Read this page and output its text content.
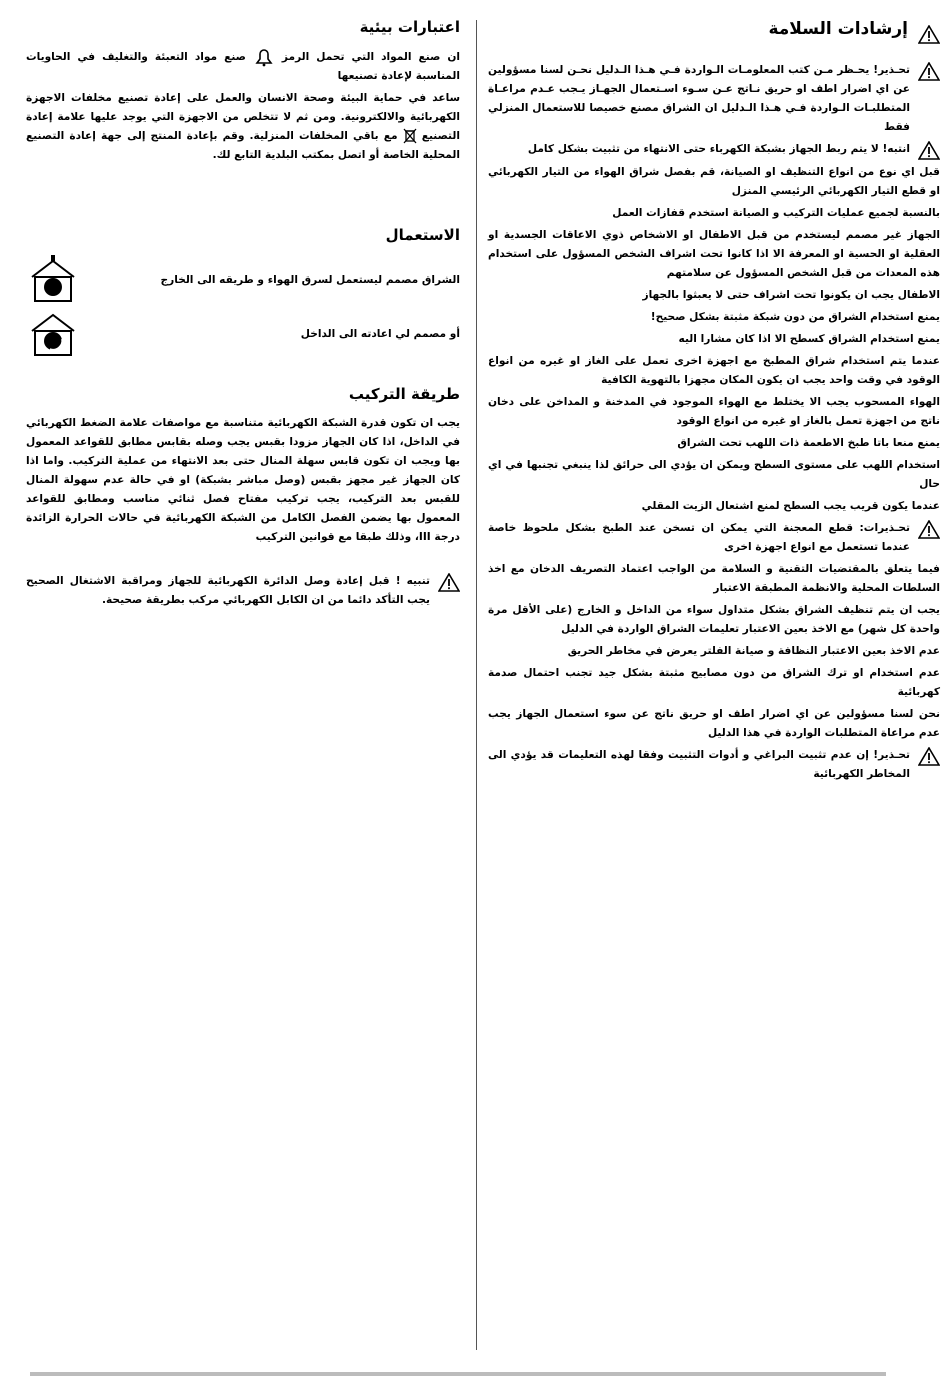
إرشادات السلامة

تحـذير! يحـظر مـن كتب المعلومـات الـواردة فـي هـذا الـدليل نحـن لسنا مسؤولين عن اي اضرار اطف او حريق نـاتج عـن سـوء اسـتعمال الجهـاز يـجب عـدم مراعـاة المتطلبـات الـواردة فـي هـذا الـدليل ان الشراق مصنع خصيصا للاستعمال المنزلي فقط

انتبه! لا يتم ربط الجهاز بشبكة الكهرباء حتى الانتهاء من تثبيت بشكل كامل

قبل اي نوع من انواع التنظيف او الصيانة، قم بفصل شراق الهواء من التيار الكهربائي او قطع التيار الكهربائي الرئيسي المنزل

بالنسبة لجميع عمليات التركيب و الصيانة استخدم قفازات العمل

الجهاز غير مصمم ليستخدم من قبل الاطفال او الاشخاص ذوي الاعاقات الجسدية او العقلية او الحسية او المعرفة الا اذا كانوا تحت اشراف الشخص المسؤول على استخدام هذه المعدات من قبل الشخص المسؤول عن سلامتهم

الاطفال يجب ان يكونوا تحت اشراف حتى لا يعبثوا بالجهاز

يمنع استخدام الشراق من دون شبكة مثبتة بشكل صحيح!

يمنع استخدام الشراق كسطح الا اذا كان مشارا اليه

عندما يتم استخدام شراق المطبخ مع اجهزة اخرى تعمل على الغاز او غيره من انواع الوقود في وقت واحد يجب ان يكون المكان مجهزا بالتهوية الكافية

الهواء المسحوب يجب الا يختلط مع الهواء الموجود في المدخنة و المداخن على دخان ناتج من اجهزة تعمل بالغاز او غيره من انواع الوقود

يمنع منعا باتا طبخ الاطعمة ذات اللهب تحت الشراق

استخدام اللهب على مستوى السطح ويمكن ان يؤدي الى حرائق لذا ينبغي تجنبها في اي حال

عندما يكون قريب يجب السطح لمنع اشتعال الزيت المقلي

تحـذيرات: قطع المعجنة التي يمكن ان تسخن عند الطبخ بشكل ملحوظ خاصة عندما تستعمل مع انواع اجهزة اخرى

فيما يتعلق بالمقتضيات التقنية و السلامة من الواجب اعتماد التصريف الدخان مع اخذ السلطات المحلية والانظمة المطبقة الاعتبار

يجب ان يتم تنظيف الشراق بشكل متداول سواء من الداخل و الخارج (على الأقل مرة واحدة كل شهر) مع الاخذ بعين الاعتبار تعليمات الشراق الواردة في الدليل

عدم الاخذ بعين الاعتبار النظافة و صيانة الفلتر يعرض في مخاطر الحريق

عدم استخدام او ترك الشراق من دون مصابيح مثبتة بشكل جيد تجنب احتمال صدمة كهربائية

نحن لسنا مسؤولين عن اي اضرار اطف او حريق ناتج عن سوء استعمال الجهاز يجب عدم مراعاة المتطلبات الواردة في هذا الدليل

تحـذير! إن عدم تثبيت البراغي و أدوات التثبيت وفقا لهذه التعليمات قد يؤدي الى المخاطر الكهربائية

اعتبارات بيئية

ان صنع المواد التي تحمل الرمز  صنع مواد التعبئة والتغليف في الحاويات المناسبة لإعادة تصنيعها

ساعد في حماية البيئة وصحة الانسان والعمل على إعادة تصنيع مخلفات الاجهزة الكهربائية والالكترونية. ومن ثم لا تتخلص من الاجهزة التي يوجد عليها علامة إعادة التصنيع  مع باقي المخلفات المنزلية. وقم بإعادة المنتج إلى جهة إعادة التصنيع المحلية الخاصة أو اتصل بمكتب البلدية التابع لك.

الاستعمال

الشراق مصمم ليستعمل لسرق الهواء و طريقه الى الخارج

أو مصمم لي اعادته الى الداخل

طريقة التركيب

يجب ان تكون قدرة الشبكة الكهربائية متناسبة مع مواصفات علامة الضغط الكهربائي في الداخل، اذا كان الجهاز مزودا بقبس يجب وصله بقابس مطابق للقواعد المعمول بها ويجب ان تكون قابس سهلة المنال حتى بعد الانتهاء من عملية التركيب. واما اذا كان الجهاز غير مجهز بقبس (وصل مباشر بشبكة) او في حالة عدم سهولة المنال للقبس بعد التركيب، يجب تركيب مفتاح فصل ثنائي مناسب ومطابق للقواعد المعمول بها يضمن الفصل الكامل من الشبكة الكهربائية في حالات الحرارة الزائدة درجة III، وذلك طبقا مع قوانين التركيب

تنبيه ! قبل إعادة وصل الدائرة الكهربائية للجهاز ومراقبة الاشتغال الصحيح يجب التأكد دائما من ان الكابل الكهربائي مركب بطريقة صحيحة.
